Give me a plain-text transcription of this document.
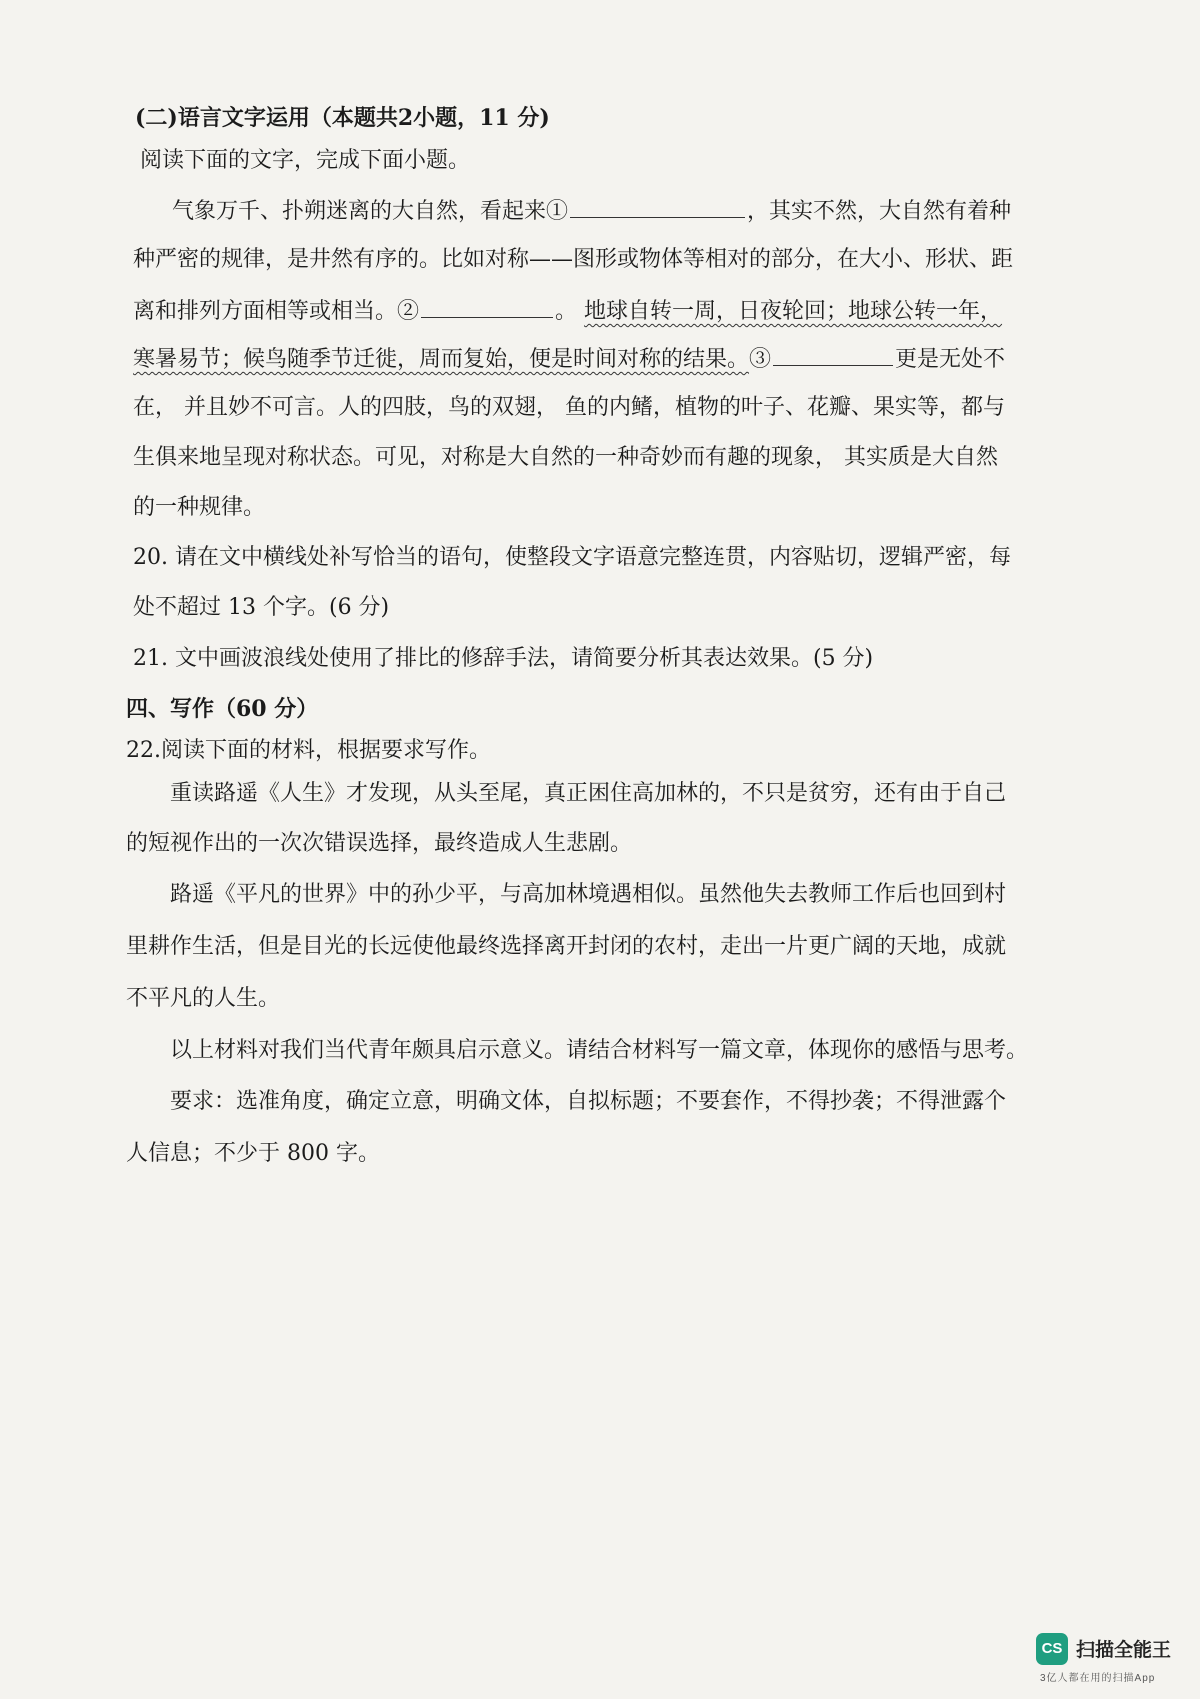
(二)语言文字运用（本题共2小题，11 分)
阅读下面的文字，完成下面小题。
气象万千、扑朔迷离的大自然，看起来①	，其实不然，大自然有着种
种严密的规律，是井然有序的。比如对称——图形或物体等相对的部分，在大小、形状、距
离和排列方面相等或相当。②	。 地球自转一周，日夜轮回；地球公转一年，
寒暑易节；候鸟随季节迁徙，周而复始，便是时间对称的结果。③	更是无处不
在， 并且妙不可言。人的四肢，鸟的双翅， 鱼的内鳍，植物的叶子、花瓣、果实等，都与
生俱来地呈现对称状态。可见，对称是大自然的一种奇妙而有趣的现象， 其实质是大自然
的一种规律。
20. 请在文中横线处补写恰当的语句，使整段文字语意完整连贯，内容贴切，逻辑严密，每
处不超过 13 个字。(6 分)
21. 文中画波浪线处使用了排比的修辞手法，请简要分析其表达效果。(5 分)
四、写作（60 分）
22.阅读下面的材料，根据要求写作。
重读路遥《人生》才发现，从头至尾，真正困住高加林的，不只是贫穷，还有由于自己
的短视作出的一次次错误选择，最终造成人生悲剧。
路遥《平凡的世界》中的孙少平，与高加林境遇相似。虽然他失去教师工作后也回到村
里耕作生活，但是目光的长远使他最终选择离开封闭的农村，走出一片更广阔的天地，成就
不平凡的人生。
以上材料对我们当代青年颇具启示意义。请结合材料写一篇文章，体现你的感悟与思考。
要求：选准角度，确定立意，明确文体，自拟标题；不要套作，不得抄袭；不得泄露个
人信息；不少于 800 字。
CS 扫描全能王
3亿人都在用的扫描App
